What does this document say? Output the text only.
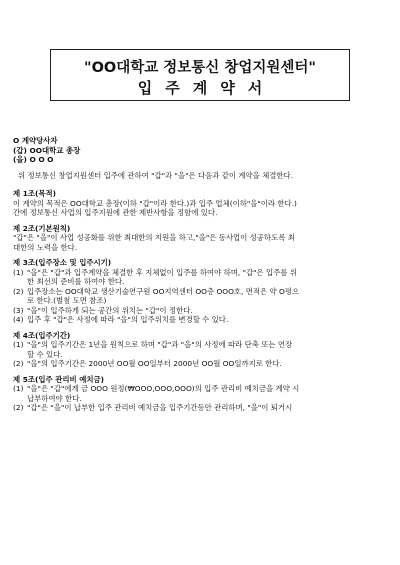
"OO대학교 정보통신 창업지원센터"
입주계약서
O 계약당사자
(갑) OO대학교 총장
(을) O O O
위 정보통신 창업지원센터 입주에 관하여 "갑"과 "을"은 다음과 같이 계약을 체결한다.
제 1조(목적)
이 계약의 목적은 OO대학교 총장(이하 "갑"이라 한다.)과 입주 업체(이하"을"이라 한다.)
간에 정보통신 사업의 입주지원에 관한 제반사항을 정함에 있다.
제 2조(기본원칙)
"갑"은 "을"이 사업 성공화를 위한 최대한의 지원을 하고,"을"은 동사업이 성공하도록 최
대한의 노력을 한다.
제 3조(입주장소 및 입주시기)
(1) "을"은 "갑"과 입주계약을 체결한 후 지체없이 입주를 하여야 하며, "갑"은 입주를 위
한 최선의 준비를 하여야 한다.
(2) 입주장소는 OO대학교 생산기술연구원 OO지역센터 OO층 OOO호, 면적은 약 O평으
로 한다.(별첨 도면 참조)
(3) "을"이 입주하게 되는 공간의 위치는 "갑"이 정한다.
(4) 입주 후 "갑"은 사정에 따라 "을"의 입주위치를 변경할 수 있다.
제 4조(입주기간)
(1) "을"의 입주기간은 1년을 원칙으로 하며 "갑"과 "을"의 사정에 따라 단축 또는 연장
할 수 있다.
(2) "을"의 입주기간은 2000년 OO월 OO일부터 2000년 OO월 OO일까지로 한다.
제 5조(입주 관리비 예치금)
(1) "을"은 "갑"에게 금 OOO 원정(₩OOO,OOO,OOO)의 입주 관리비 예치금을 계약 시
납부하여야 한다.
(2) "갑"은 "을"이 납부한 입주 관리비 예치금을 입주기간동안 관리하며, "을"이 퇴거시
